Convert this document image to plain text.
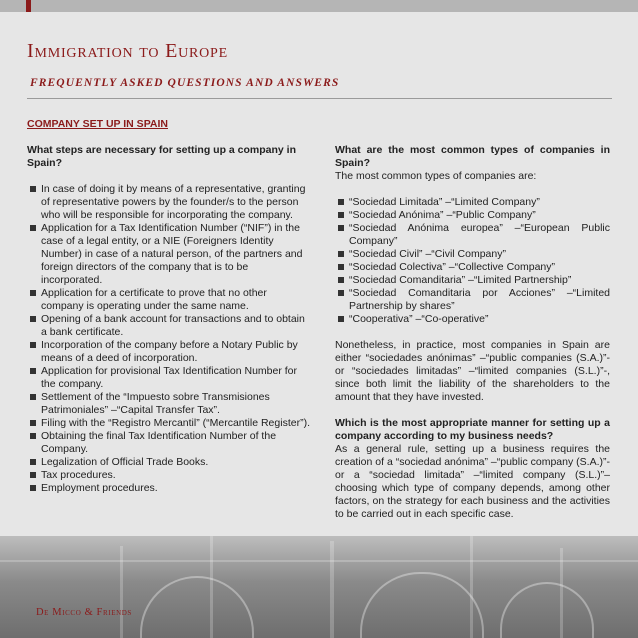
Immigration to Europe
FREQUENTLY ASKED QUESTIONS AND ANSWERS
COMPANY SET UP IN SPAIN

What steps are necessary for setting up a company in Spain?

In case of doing it by means of a representative, granting of representative powers by the founder/s to the person who will be responsible for incorporating the company.
Application for a Tax Identification Number (“NIF”) in the case of a legal entity, or a NIE (Foreigners Identity Number) in case of a natural person, of the partners and foreign directors of the company that is to be incorporated.
Application for a certificate to prove that no other company is operating under the same name.
Opening of a bank account for transactions and to obtain a bank certificate.
Incorporation of the company before a Notary Public by means of a deed of incorporation.
Application for provisional Tax Identification Number for the company.
Settlement of the “Impuesto sobre Transmisiones Patrimoniales” –“Capital Transfer Tax”.
Filing with the “Registro Mercantil” (“Mercantile Register”).
Obtaining the final Tax Identification Number of the Company.
Legalization of Official Trade Books.
Tax procedures.
Employment procedures.

What are the most common types of companies in Spain?

The most common types of companies are:

“Sociedad Limitada” –“Limited Company”
“Sociedad Anónima” –“Public Company”
“Sociedad Anónima europea” –“European Public Company”
“Sociedad Civil” –“Civil Company”
“Sociedad Colectiva” –“Collective Company”
“Sociedad Comanditaria” –“Limited Partnership”
“Sociedad Comanditaria por Acciones” –“Limited Partnership by shares”
“Cooperativa” –“Co-operative”

Nonetheless, in practice, most companies in Spain are either “sociedades anónimas” –“public companies (S.A.)”- or “sociedades limitadas” –“limited companies (S.L.)”-, since both limit the liability of the shareholders to the amount that they have invested.

Which is the most appropriate manner for setting up a company according to my business needs?

As a general rule, setting up a business requires the creation of a “sociedad anónima” –“public company (S.A.)”- or a “sociedad limitada” –“limited company (S.L.)”– choosing which type of company depends, among other factors, on the strategy for each business and the activities to be carried out in each specific case.

De Micco & Friends
